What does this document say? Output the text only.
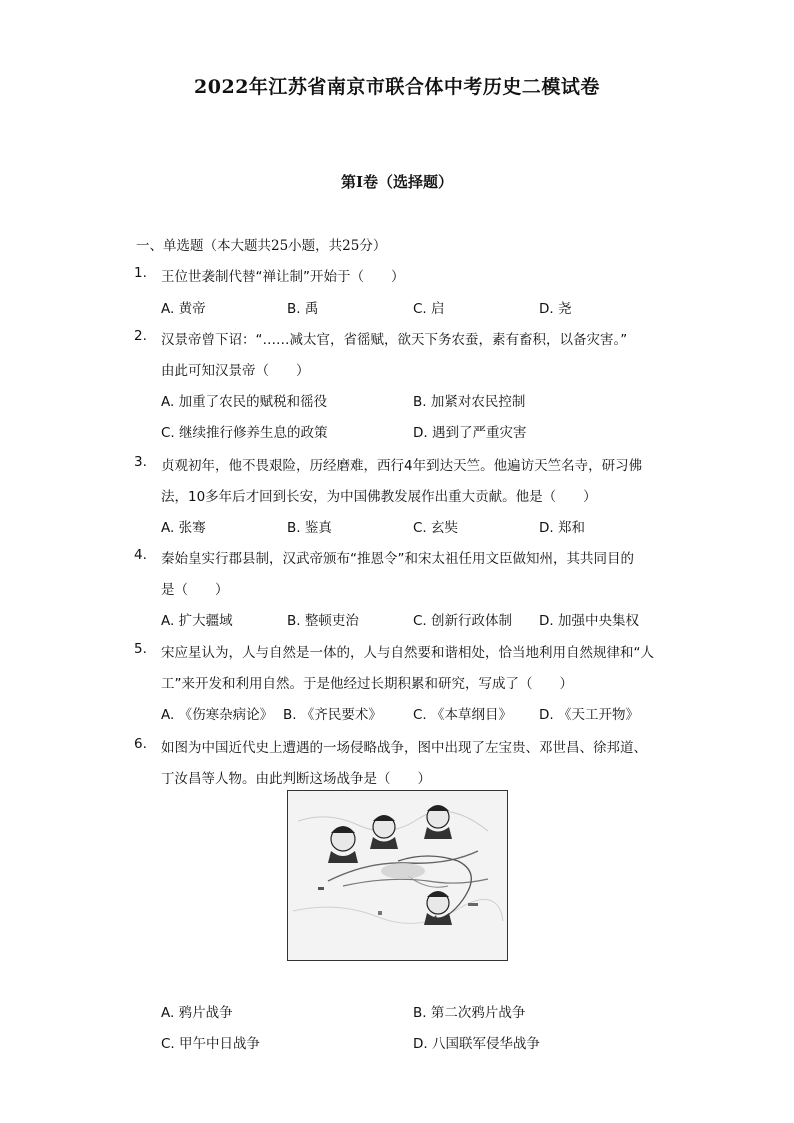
2022年江苏省南京市联合体中考历史二模试卷
第Ⅰ卷（选择题）
一、单选题（本大题共25小题，共25分）
1. 王位世袭制代替“禅让制”开始于（　　）
A. 黄帝	B. 禹	C. 启	D. 尧
2. 汉景帝曾下诏：“……减太官，省徭赋，欲天下务农蚕，素有畜积，以备灾害。”
由此可知汉景帝（　　）
A. 加重了农民的赋税和徭役	B. 加紧对农民控制
C. 继续推行修养生息的政策	D. 遇到了严重灾害
3. 贞观初年，他不畏艰险，历经磨难，西行4年到达天竺。他遍访天竺名寺，研习佛
法，10多年后才回到长安，为中国佛教发展作出重大贡献。他是（　　）
A. 张骞	B. 鉴真	C. 玄奘	D. 郑和
4. 秦始皇实行郡县制，汉武帝颁布“推恩令”和宋太祖任用文臣做知州，其共同目的
是（　　）
A. 扩大疆域	B. 整顿吏治	C. 创新行政体制 D. 加强中央集权
5. 宋应星认为，人与自然是一体的，人与自然要和谐相处，恰当地利用自然规律和“人
工”来开发和利用自然。于是他经过长期积累和研究，写成了（　　）
A. 《伤寒杂病论》 B. 《齐民要术》 C. 《本草纲目》 D. 《天工开物》
6. 如图为中国近代史上遭遇的一场侵略战争，图中出现了左宝贵、邓世昌、徐邦道、
丁汝昌等人物。由此判断这场战争是（　　）
A. 鸦片战争	B. 第二次鸦片战争
C. 甲午中日战争	D. 八国联军侵华战争
